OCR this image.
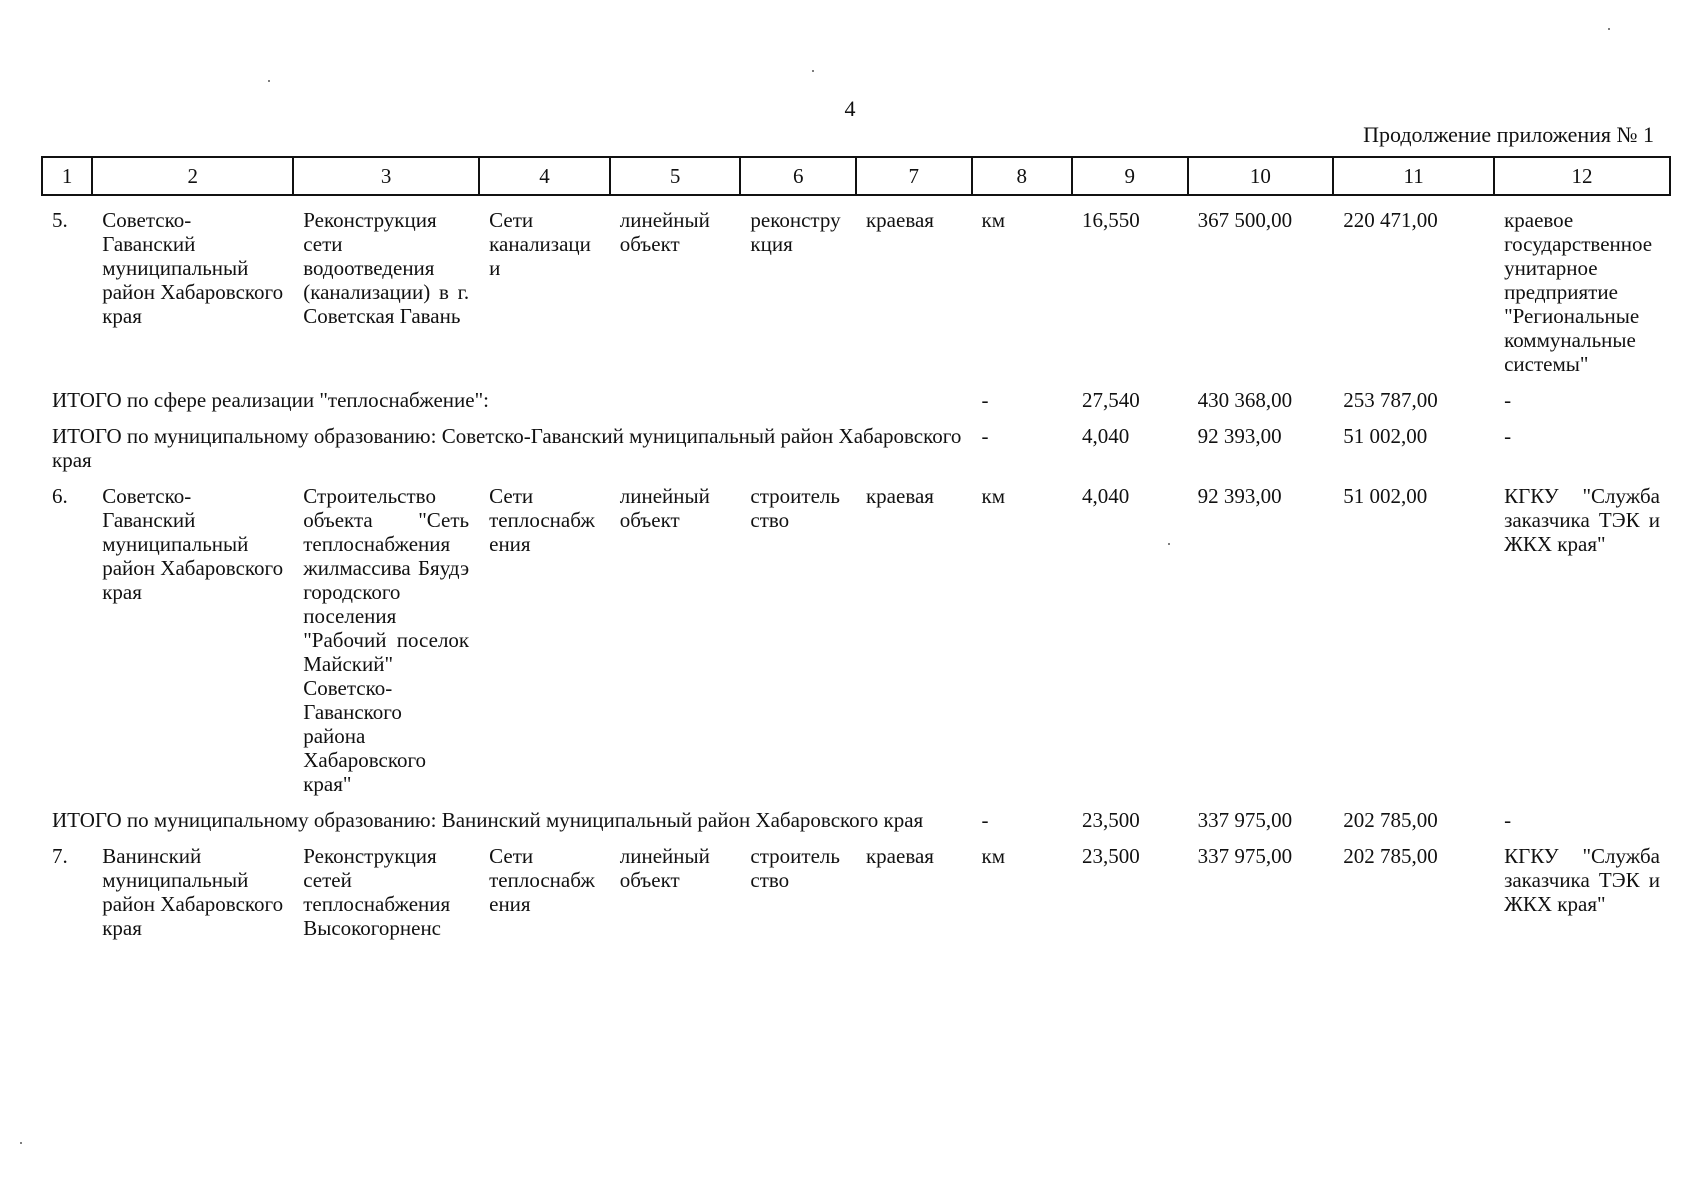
4
Продолжение приложения № 1
1	2	3	4	5	6	7	8	9	10	11	12
5.	Советско-Гаванский муниципальный район Хабаровского края	Реконструкция сети водоотведения (канализации) в г. Советская Гавань	Сети канализации	линейный объект	реконструкция	краевая	км	16,550	367 500,00	220 471,00	краевое государственное унитарное предприятие "Региональные коммунальные системы"
ИТОГО по сфере реализации "теплоснабжение":							-	27,540	430 368,00	253 787,00	-
ИТОГО по муниципальному образованию: Советско-Гаванский муниципальный район Хабаровского края							-	4,040	92 393,00	51 002,00	-
6.	Советско-Гаванский муниципальный район Хабаровского края	Строительство объекта "Сеть теплоснабжения жилмассива Бяудэ городского поселения "Рабочий поселок Майский" Советско-Гаванского района Хабаровского края"	Сети теплоснабжения	линейный объект	строительство	краевая	км	4,040	92 393,00	51 002,00	КГКУ "Служба заказчика ТЭК и ЖКХ края"
ИТОГО по муниципальному образованию: Ванинский муниципальный район Хабаровского края							-	23,500	337 975,00	202 785,00	-
7.	Ванинский муниципальный район Хабаровского края	Реконструкция сетей теплоснабжения Высокогорненс	Сети теплоснабжения	линейный объект	строительство	краевая	км	23,500	337 975,00	202 785,00	КГКУ "Служба заказчика ТЭК и ЖКХ края"
